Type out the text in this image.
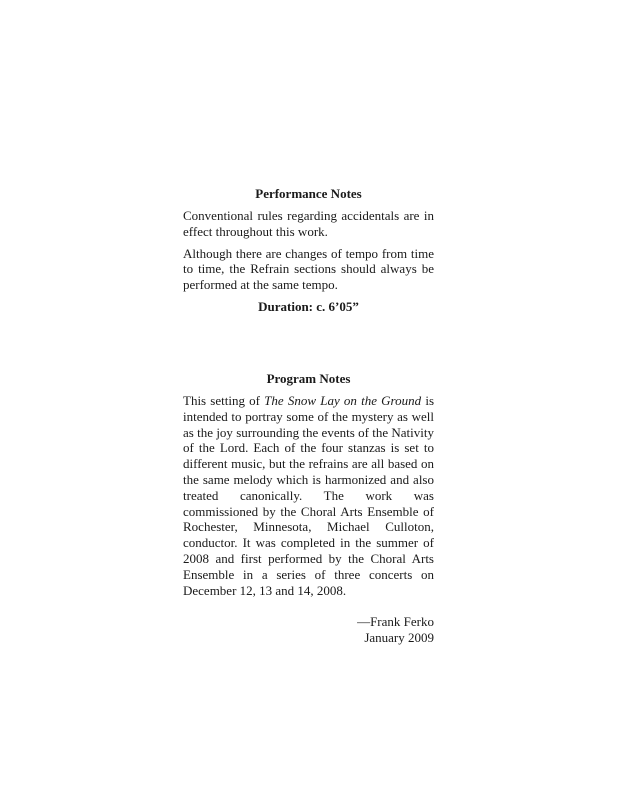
Performance Notes

Conventional rules regarding accidentals are in effect throughout this work.

Although there are changes of tempo from time to time, the Refrain sections should always be performed at the same tempo.

Duration: c. 6’05”
Program Notes

This setting of The Snow Lay on the Ground is intended to portray some of the mystery as well as the joy surrounding the events of the Nativity of the Lord. Each of the four stanzas is set to different music, but the refrains are all based on the same melody which is harmonized and also treated canonically. The work was commissioned by the Choral Arts Ensemble of Rochester, Minnesota, Michael Culloton, conductor. It was completed in the summer of 2008 and first performed by the Choral Arts Ensemble in a series of three concerts on December 12, 13 and 14, 2008.

—Frank Ferko
January 2009
